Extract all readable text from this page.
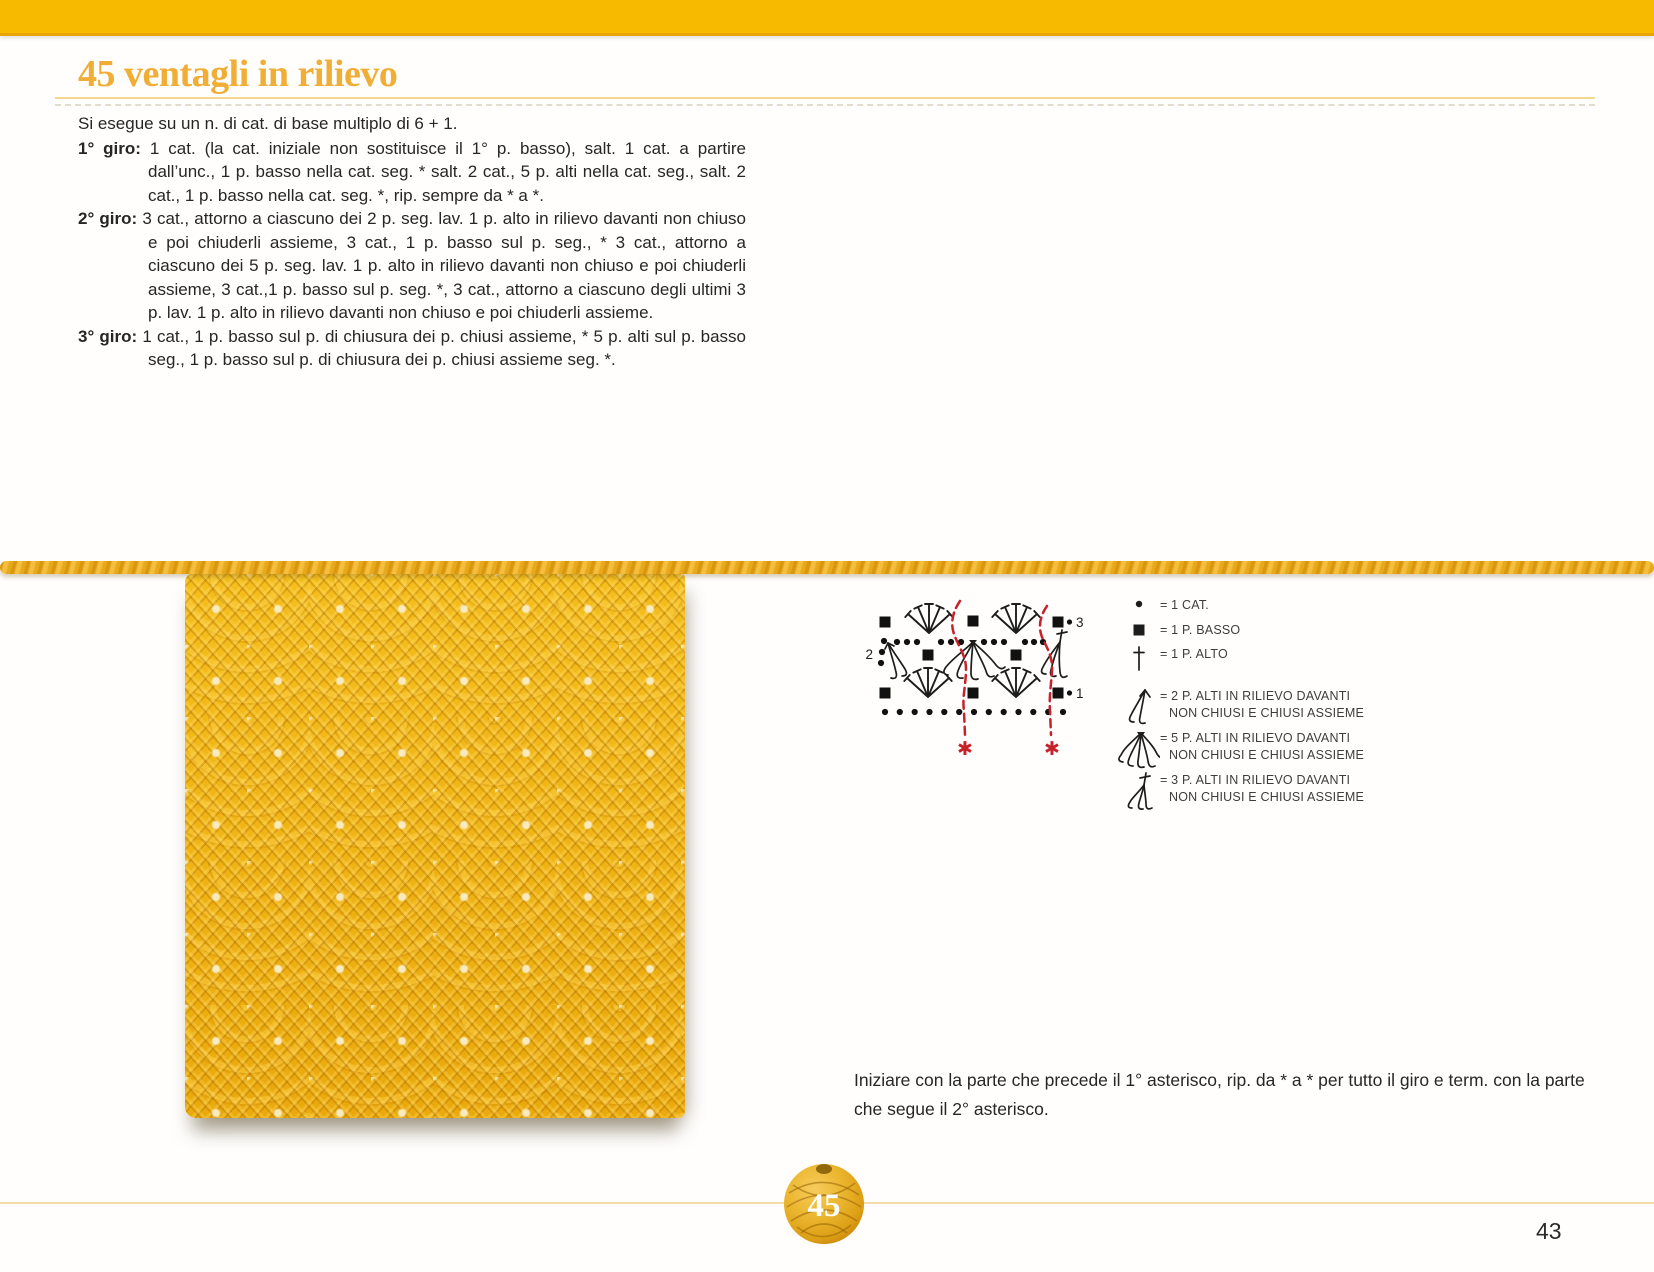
45 ventagli in rilievo

Si esegue su un n. di cat. di base multiplo di 6 + 1.

1° giro: 1 cat. (la cat. iniziale non sostituisce il 1° p. basso), salt. 1 cat. a partire dall’unc., 1 p. basso nella cat. seg. * salt. 2 cat., 5 p. alti nella cat. seg., salt. 2 cat., 1 p. basso nella cat. seg. *, rip. sempre da * a *.

2° giro: 3 cat., attorno a ciascuno dei 2 p. seg. lav. 1 p. alto in rilievo davanti non chiuso e poi chiuderli assieme, 3 cat., 1 p. basso sul p. seg., * 3 cat., attorno a ciascuno dei 5 p. seg. lav. 1 p. alto in rilievo davanti non chiuso e poi chiuderli assieme, 3 cat.,1 p. basso sul p. seg. *, 3 cat., attorno a ciascuno degli ultimi 3 p. lav. 1 p. alto in rilievo davanti non chiuso e poi chiuderli assieme.

3° giro: 1 cat., 1 p. basso sul p. di chiusura dei p. chiusi assieme, * 5 p. alti sul p. basso seg., 1 p. basso sul p. di chiusura dei p. chiusi assieme seg. *.

✱	✱
3
1
2
= 1 CAT.
= 1 P. BASSO
= 1 P. ALTO
= 2 P. ALTI IN RILIEVO DAVANTI
NON CHIUSI E CHIUSI ASSIEME
= 5 P. ALTI IN RILIEVO DAVANTI
NON CHIUSI E CHIUSI ASSIEME
= 3 P. ALTI IN RILIEVO DAVANTI
NON CHIUSI E CHIUSI ASSIEME
Iniziare con la parte che precede il 1° asterisco, rip. da * a * per tutto il giro e term. con la parte che segue il 2° asterisco.
45
43
